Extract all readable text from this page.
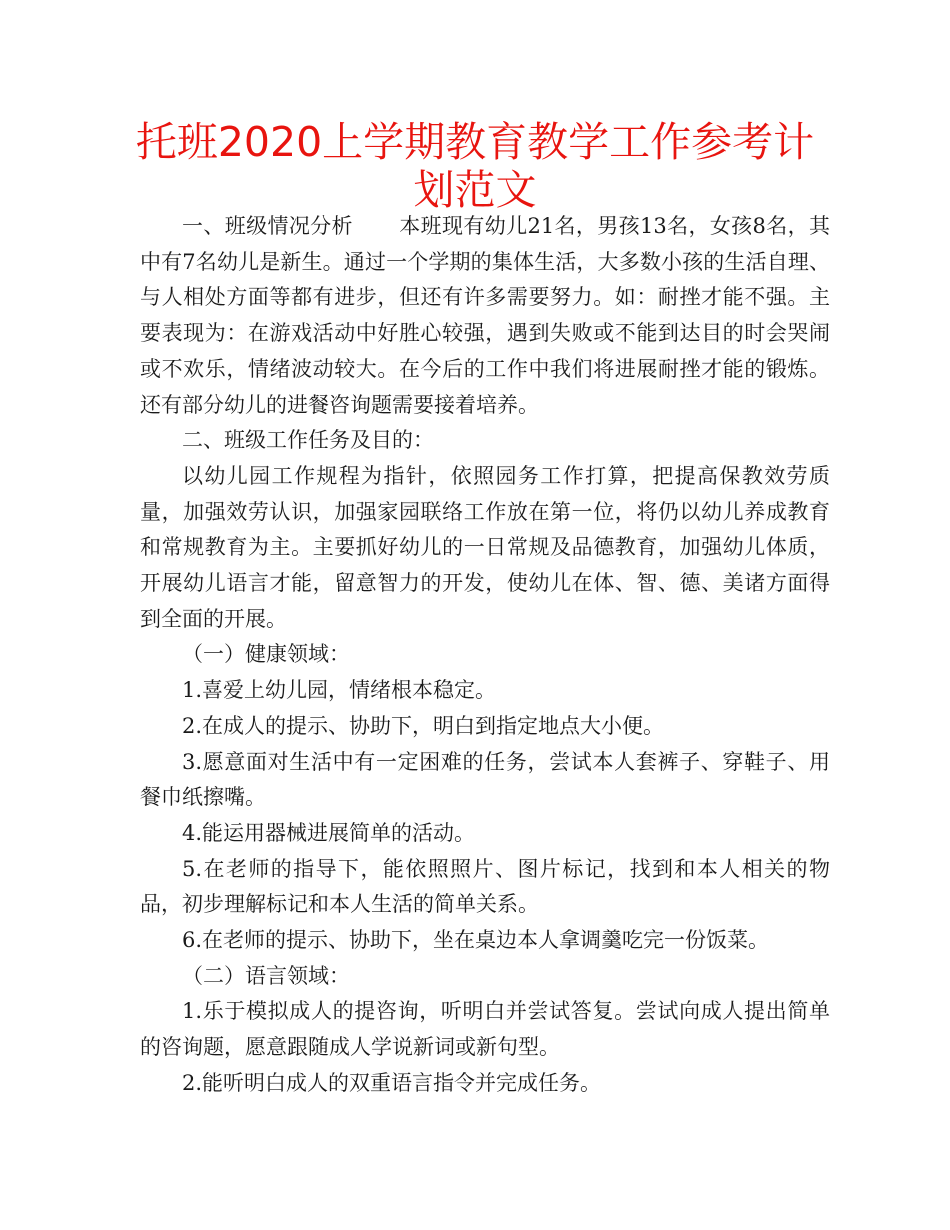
托班2020上学期教育教学工作参考计划范文

一、班级情况分析 本班现有幼儿21名，男孩13名，女孩8名，其中有7名幼儿是新生。通过一个学期的集体生活，大多数小孩的生活自理、与人相处方面等都有进步，但还有许多需要努力。如：耐挫才能不强。主要表现为：在游戏活动中好胜心较强，遇到失败或不能到达目的时会哭闹或不欢乐，情绪波动较大。在今后的工作中我们将进展耐挫才能的锻炼。还有部分幼儿的进餐咨询题需要接着培养。

二、班级工作任务及目的：

以幼儿园工作规程为指针，依照园务工作打算，把提高保教效劳质量，加强效劳认识，加强家园联络工作放在第一位，将仍以幼儿养成教育和常规教育为主。主要抓好幼儿的一日常规及品德教育，加强幼儿体质，开展幼儿语言才能，留意智力的开发，使幼儿在体、智、德、美诸方面得到全面的开展。

（一）健康领域：

1.喜爱上幼儿园，情绪根本稳定。

2.在成人的提示、协助下，明白到指定地点大小便。

3.愿意面对生活中有一定困难的任务，尝试本人套裤子、穿鞋子、用餐巾纸擦嘴。

4.能运用器械进展简单的活动。

5.在老师的指导下，能依照照片、图片标记，找到和本人相关的物品，初步理解标记和本人生活的简单关系。

6.在老师的提示、协助下，坐在桌边本人拿调羹吃完一份饭菜。

（二）语言领域：

1.乐于模拟成人的提咨询，听明白并尝试答复。尝试向成人提出简单的咨询题，愿意跟随成人学说新词或新句型。

2.能听明白成人的双重语言指令并完成任务。
